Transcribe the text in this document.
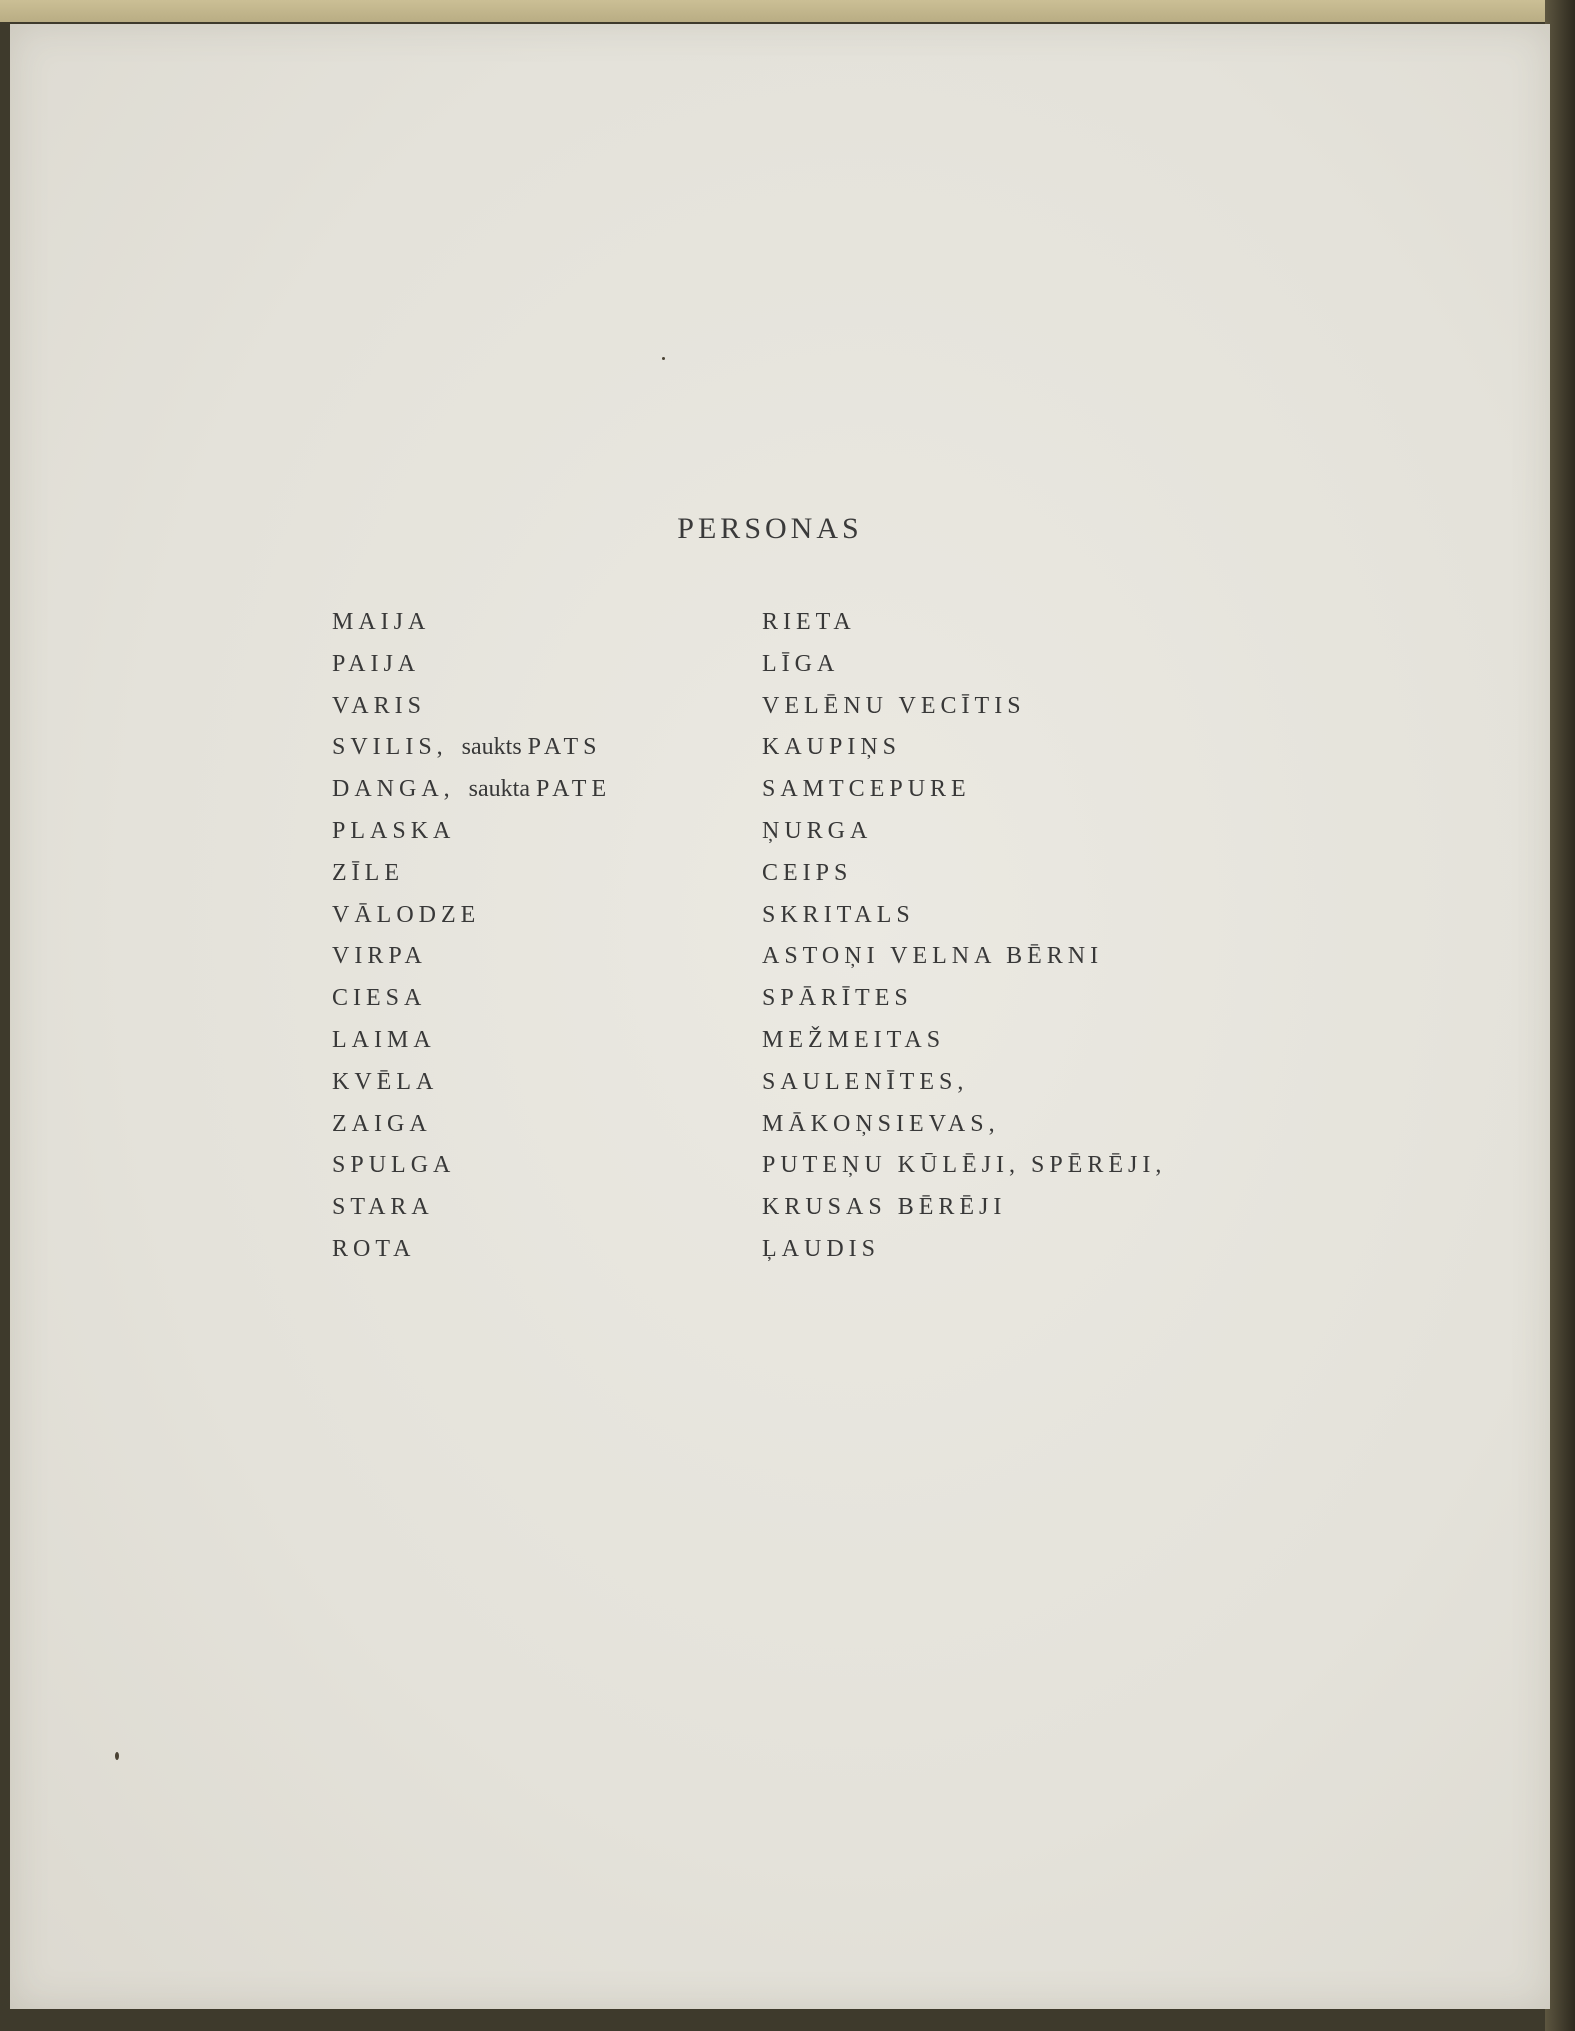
PERSONAS
MAIJA
PAIJA
VARIS
SVILIS, saukts PATS
DANGA, saukta PATE
PLASKA
ZĪLE
VĀLODZE
VIRPA
CIESA
LAIMA
KVĒLA
ZAIGA
SPULGA
STARA
ROTA
RIETA
LĪGA
VELĒNU VECĪTIS
KAUPIŅS
SAMTCEPURE
ŅURGA
CEIPS
SKRITALS
ASTOŅI VELNA BĒRNI
SPĀRĪTES
MEŽMEITAS
SAULENĪTES,
MĀKOŅSIEVAS,
PUTEŅU KŪLĒJI, SPĒRĒJI,
KRUSAS BĒRĒJI
ĻAUDIS
